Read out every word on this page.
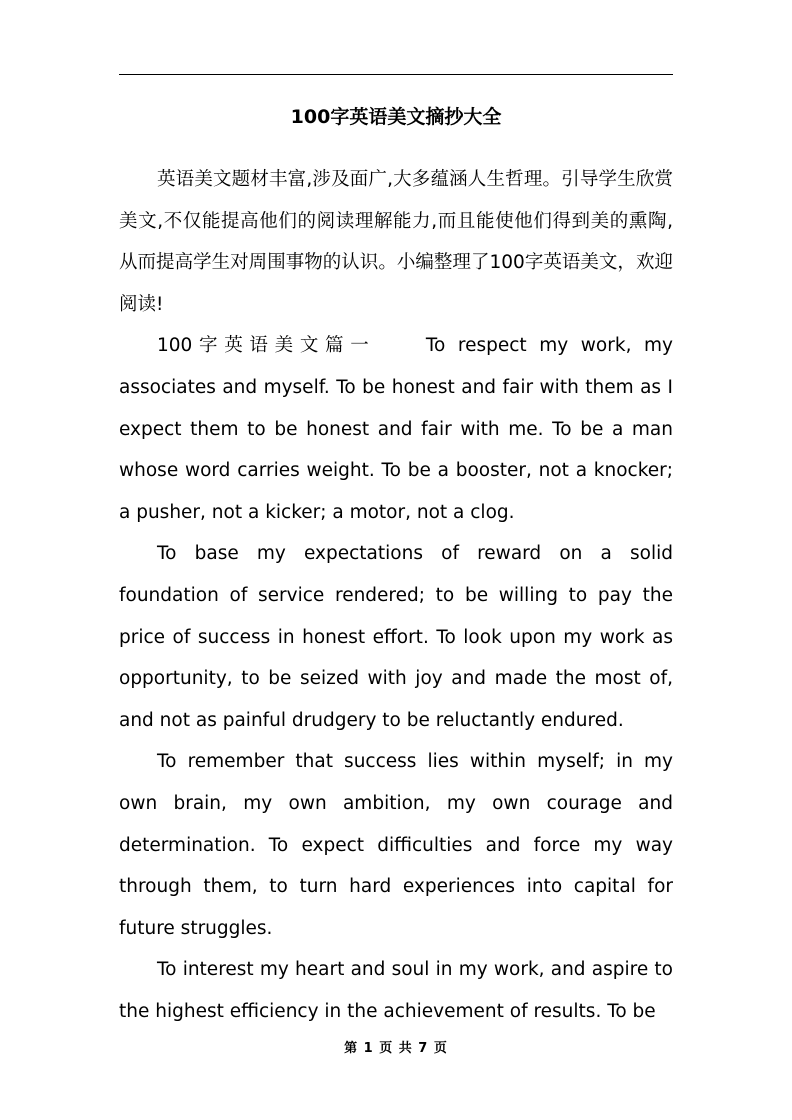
100字英语美文摘抄大全

英语美文题材丰富,涉及面广,大多蕴涵人生哲理。引导学生欣赏美文,不仅能提高他们的阅读理解能力,而且能使他们得到美的熏陶,从而提高学生对周围事物的认识。小编整理了100字英语美文，欢迎阅读!

100字英语美文篇一　　To respect my work, my associates and myself. To be honest and fair with them as I expect them to be honest and fair with me. To be a man whose word carries weight. To be a booster, not a knocker; a pusher, not a kicker; a motor, not a clog.

To base my expectations of reward on a solid foundation of service rendered; to be willing to pay the price of success in honest effort. To look upon my work as opportunity, to be seized with joy and made the most of, and not as painful drudgery to be reluctantly endured.

To remember that success lies within myself; in my own brain, my own ambition, my own courage and determination. To expect difficulties and force my way through them, to turn hard experiences into capital for future struggles.

To interest my heart and soul in my work, and aspire to the highest efficiency in the achievement of results. To be

第 1 页 共 7 页
